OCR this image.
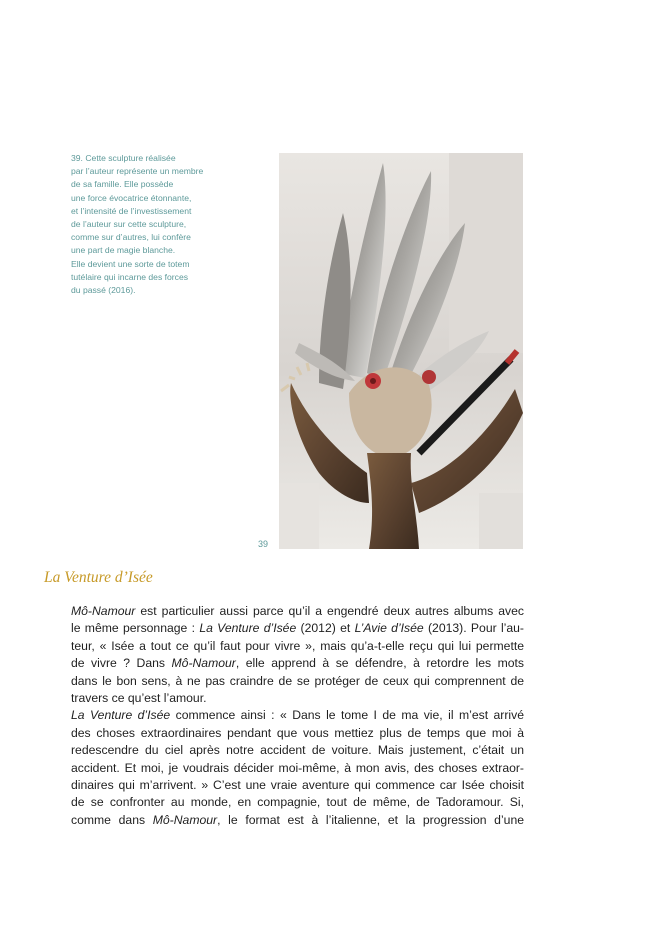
39. Cette sculpture réalisée
par l’auteur représente un membre
de sa famille. Elle possède
une force évocatrice étonnante,
et l’intensité de l’investissement
de l’auteur sur cette sculpture,
comme sur d’autres, lui confère
une part de magie blanche.
Elle devient une sorte de totem
tutélaire qui incarne des forces
du passé (2016).
39
La Venture d’Isée
Mô-Namour est particulier aussi parce qu’il a engendré deux autres albums avec
le même personnage : La Venture d’Isée (2012) et L’Avie d’Isée (2013). Pour l’au-
teur, « Isée a tout ce qu’il faut pour vivre », mais qu’a-t-elle reçu qui lui permette
de vivre ? Dans Mô-Namour, elle apprend à se défendre, à retordre les mots
dans le bon sens, à ne pas craindre de se protéger de ceux qui comprennent de
travers ce qu’est l’amour.
La Venture d’Isée commence ainsi : « Dans le tome I de ma vie, il m’est arrivé
des choses extraordinaires pendant que vous mettiez plus de temps que moi à
redescendre du ciel après notre accident de voiture. Mais justement, c’était un
accident. Et moi, je voudrais décider moi-même, à mon avis, des choses extraor-
dinaires qui m’arrivent. » C’est une vraie aventure qui commence car Isée choisit
de se confronter au monde, en compagnie, tout de même, de Tadoramour. Si,
comme dans Mô-Namour, le format est à l’italienne, et la progression d’une
